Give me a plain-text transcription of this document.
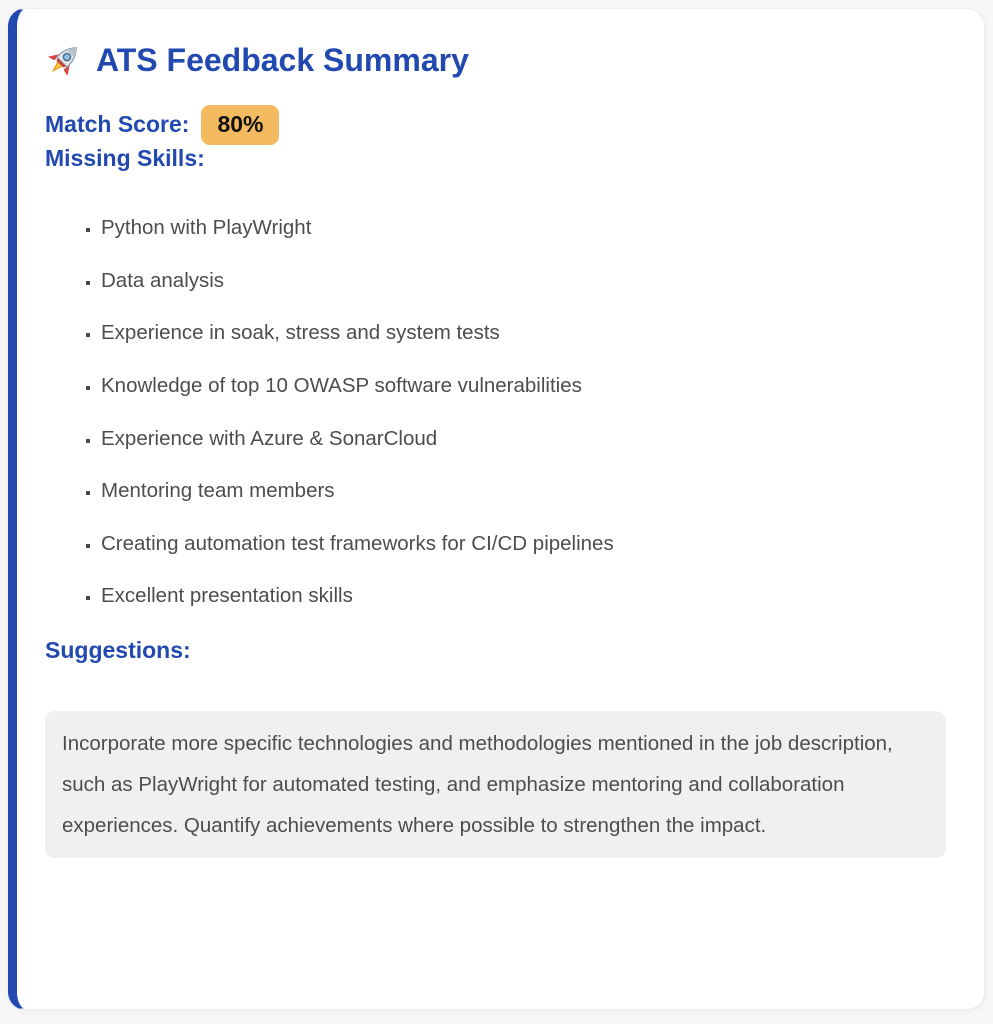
ATS Feedback Summary
Match Score:	80%
Missing Skills:
▪ Python with PlayWright
▪ Data analysis
▪ Experience in soak, stress and system tests
▪ Knowledge of top 10 OWASP software vulnerabilities
▪ Experience with Azure & SonarCloud
▪ Mentoring team members
▪ Creating automation test frameworks for CI/CD pipelines
▪ Excellent presentation skills
Suggestions:

Incorporate more specific technologies and methodologies mentioned in the job description, such as PlayWright for automated testing, and emphasize mentoring and collaboration experiences. Quantify achievements where possible to strengthen the impact.
